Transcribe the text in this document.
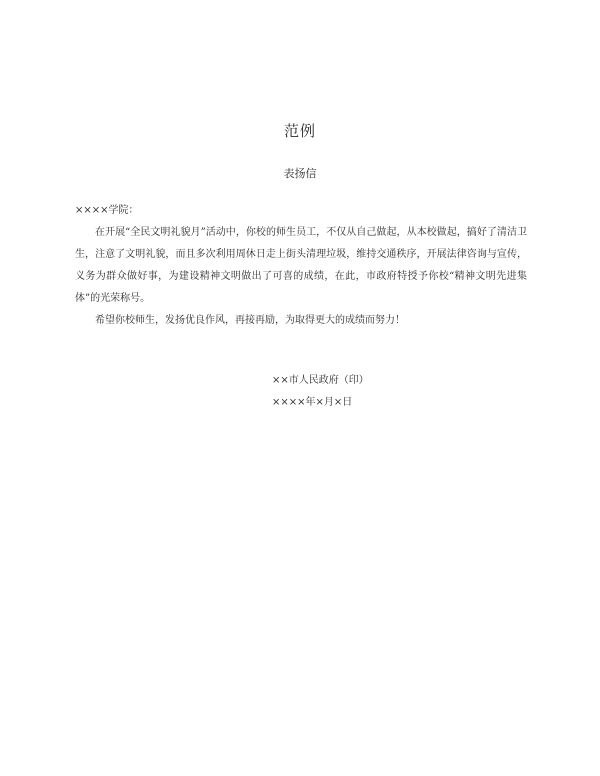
范例
表扬信

××××学院：

在开展“全民文明礼貌月”活动中，你校的师生员工，不仅从自己做起，从本校做起，搞好了清洁卫生，注意了文明礼貌，而且多次利用周休日走上街头清理垃圾，维持交通秩序，开展法律咨询与宣传，义务为群众做好事，为建设精神文明做出了可喜的成绩，在此，市政府特授予你校“精神文明先进集体”的光荣称号。

希望你校师生，发扬优良作风，再接再励，为取得更大的成绩而努力！

××市人民政府（印）
××××年×月×日
